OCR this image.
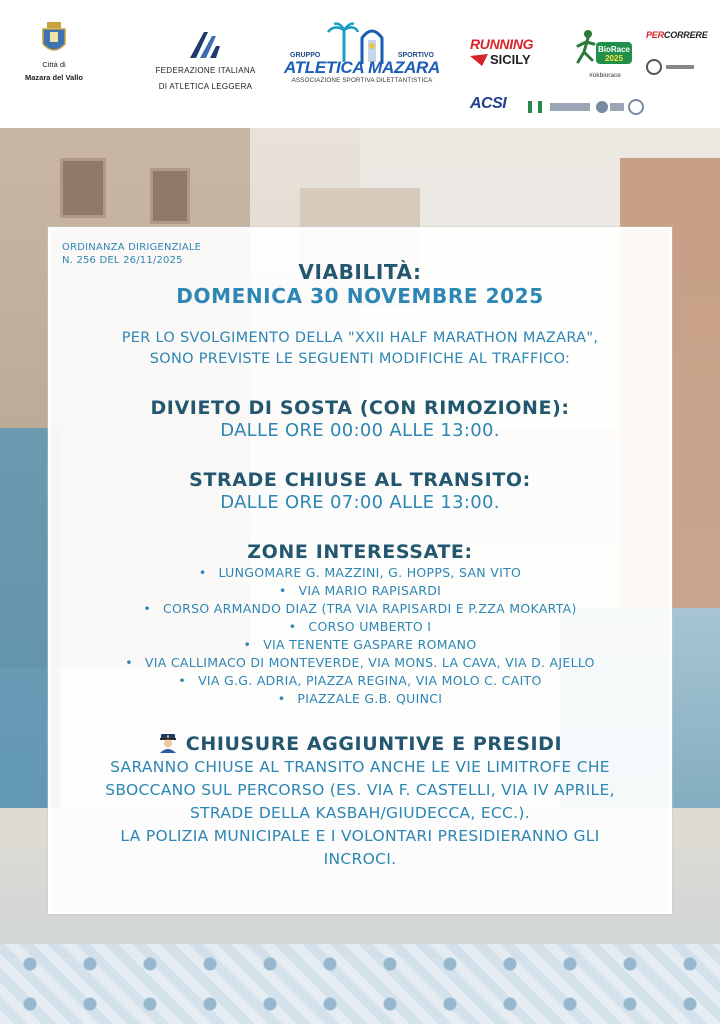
Città di
Mazara del Vallo
FEDERAZIONE ITALIANA
DI ATLETICA LEGGERA
GRUPPO	SPORTIVO
ATLETICA MAZARA
ASSOCIAZIONE SPORTIVA DILETTANTISTICA
RUNNING
SICILY
BioRace
2025
#okbiorace
PERCORRERE
ACSI
ORDINANZA DIRIGENZIALE
N. 256 DEL 26/11/2025	VIABILITÀ:
DOMENICA 30 NOVEMBRE 2025
PER LO SVOLGIMENTO DELLA "XXII HALF MARATHON MAZARA",
SONO PREVISTE LE SEGUENTI MODIFICHE AL TRAFFICO:
DIVIETO DI SOSTA (CON RIMOZIONE):
DALLE ORE 00:00 ALLE 13:00.
STRADE CHIUSE AL TRANSITO:
DALLE ORE 07:00 ALLE 13:00.
ZONE INTERESSATE:
• LUNGOMARE G. MAZZINI, G. HOPPS, SAN VITO
• VIA MARIO RAPISARDI
• CORSO ARMANDO DIAZ (TRA VIA RAPISARDI E P.ZZA MOKARTA)
• CORSO UMBERTO I
• VIA TENENTE GASPARE ROMANO
• VIA CALLIMACO DI MONTEVERDE, VIA MONS. LA CAVA, VIA D. AJELLO
• VIA G.G. ADRIA, PIAZZA REGINA, VIA MOLO C. CAITO
• PIAZZALE G.B. QUINCI
CHIUSURE AGGIUNTIVE E PRESIDI
SARANNO CHIUSE AL TRANSITO ANCHE LE VIE LIMITROFE CHE
SBOCCANO SUL PERCORSO (ES. VIA F. CASTELLI, VIA IV APRILE,
STRADE DELLA KASBAH/GIUDECCA, ECC.).
LA POLIZIA MUNICIPALE E I VOLONTARI PRESIDIERANNO GLI
INCROCI.
